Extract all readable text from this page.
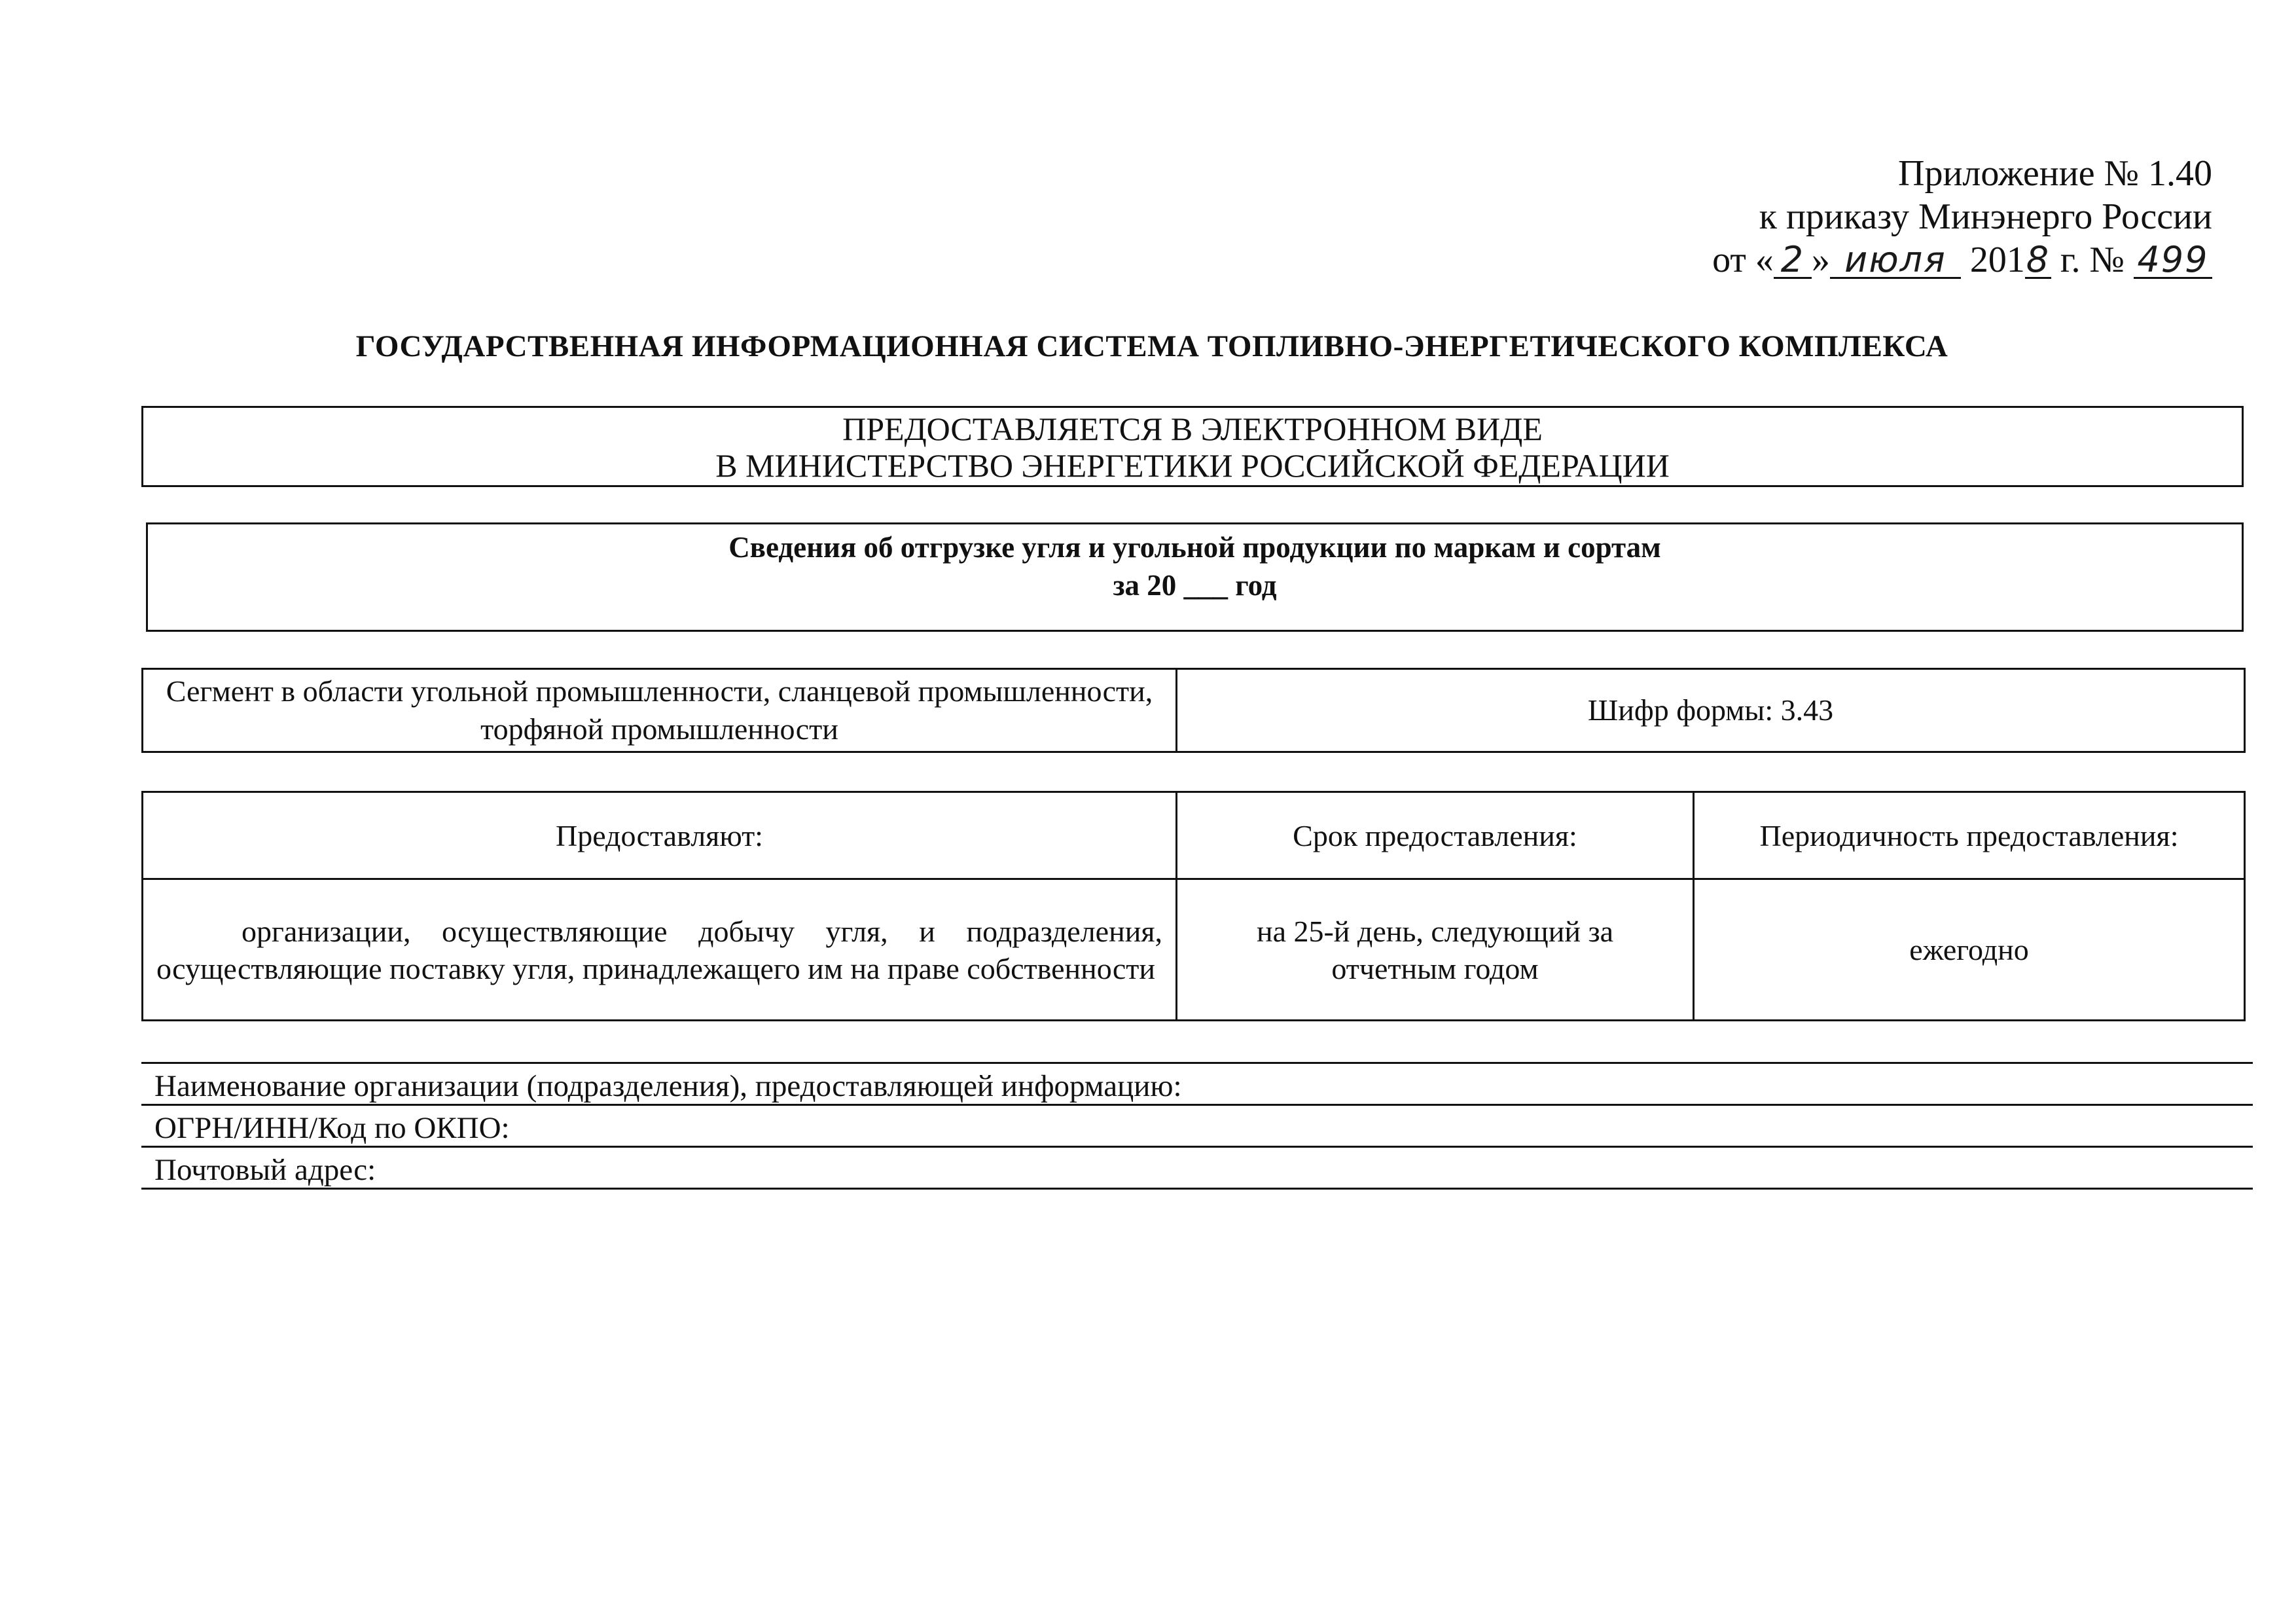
Приложение № 1.40
к приказу Минэнерго России
от « 2 » июля 2018 г. № 499
ГОСУДАРСТВЕННАЯ ИНФОРМАЦИОННАЯ СИСТЕМА ТОПЛИВНО-ЭНЕРГЕТИЧЕСКОГО КОМПЛЕКСА
ПРЕДОСТАВЛЯЕТСЯ В ЭЛЕКТРОННОМ ВИДЕ
В МИНИСТЕРСТВО ЭНЕРГЕТИКИ РОССИЙСКОЙ ФЕДЕРАЦИИ
Сведения об отгрузке угля и угольной продукции по маркам и сортам
за 20 ___ год
Сегмент в области угольной промышленности, сланцевой промышленности, торфяной промышленности	Шифр формы: 3.43
Предоставляют:	Срок предоставления:	Периодичность предоставления:
организации, осуществляющие добычу угля, и подразделения, осуществляющие поставку угля, принадлежащего им на праве собственности	на 25-й день, следующий за отчетным годом	ежегодно
Наименование организации (подразделения), предоставляющей информацию:
ОГРН/ИНН/Код по ОКПО:
Почтовый адрес:
